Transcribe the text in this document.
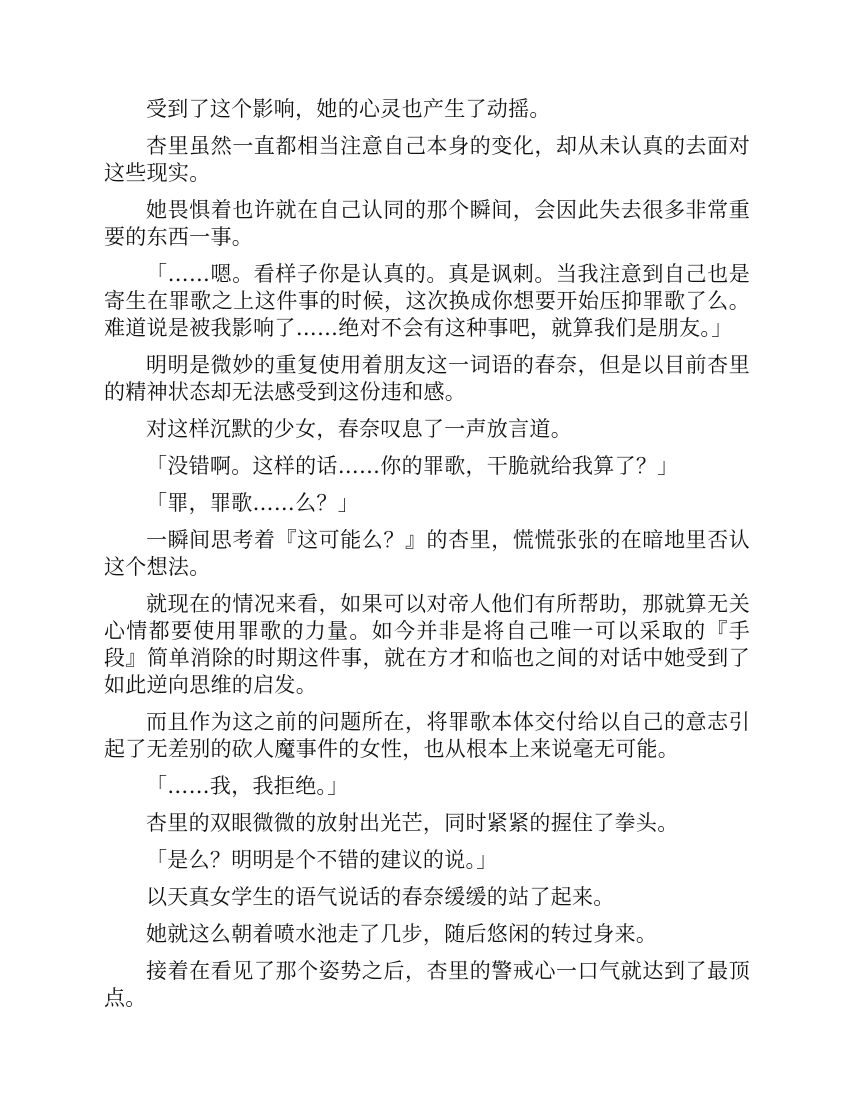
受到了这个影响，她的心灵也产生了动摇。

杏里虽然一直都相当注意自己本身的变化，却从未认真的去面对这些现实。

她畏惧着也许就在自己认同的那个瞬间，会因此失去很多非常重要的东西一事。

「……嗯。看样子你是认真的。真是讽刺。当我注意到自己也是寄生在罪歌之上这件事的时候，这次换成你想要开始压抑罪歌了么。难道说是被我影响了……绝对不会有这种事吧，就算我们是朋友。」

明明是微妙的重复使用着朋友这一词语的春奈，但是以目前杏里的精神状态却无法感受到这份违和感。

对这样沉默的少女，春奈叹息了一声放言道。

「没错啊。这样的话……你的罪歌，干脆就给我算了？」

「罪，罪歌……么？」

一瞬间思考着『这可能么？』的杏里，慌慌张张的在暗地里否认这个想法。

就现在的情况来看，如果可以对帝人他们有所帮助，那就算无关心情都要使用罪歌的力量。如今并非是将自己唯一可以采取的『手段』简单消除的时期这件事，就在方才和临也之间的对话中她受到了如此逆向思维的启发。

而且作为这之前的问题所在，将罪歌本体交付给以自己的意志引起了无差别的砍人魔事件的女性，也从根本上来说毫无可能。

「……我，我拒绝。」

杏里的双眼微微的放射出光芒，同时紧紧的握住了拳头。

「是么？明明是个不错的建议的说。」

以天真女学生的语气说话的春奈缓缓的站了起来。

她就这么朝着喷水池走了几步，随后悠闲的转过身来。

接着在看见了那个姿势之后，杏里的警戒心一口气就达到了最顶点。
